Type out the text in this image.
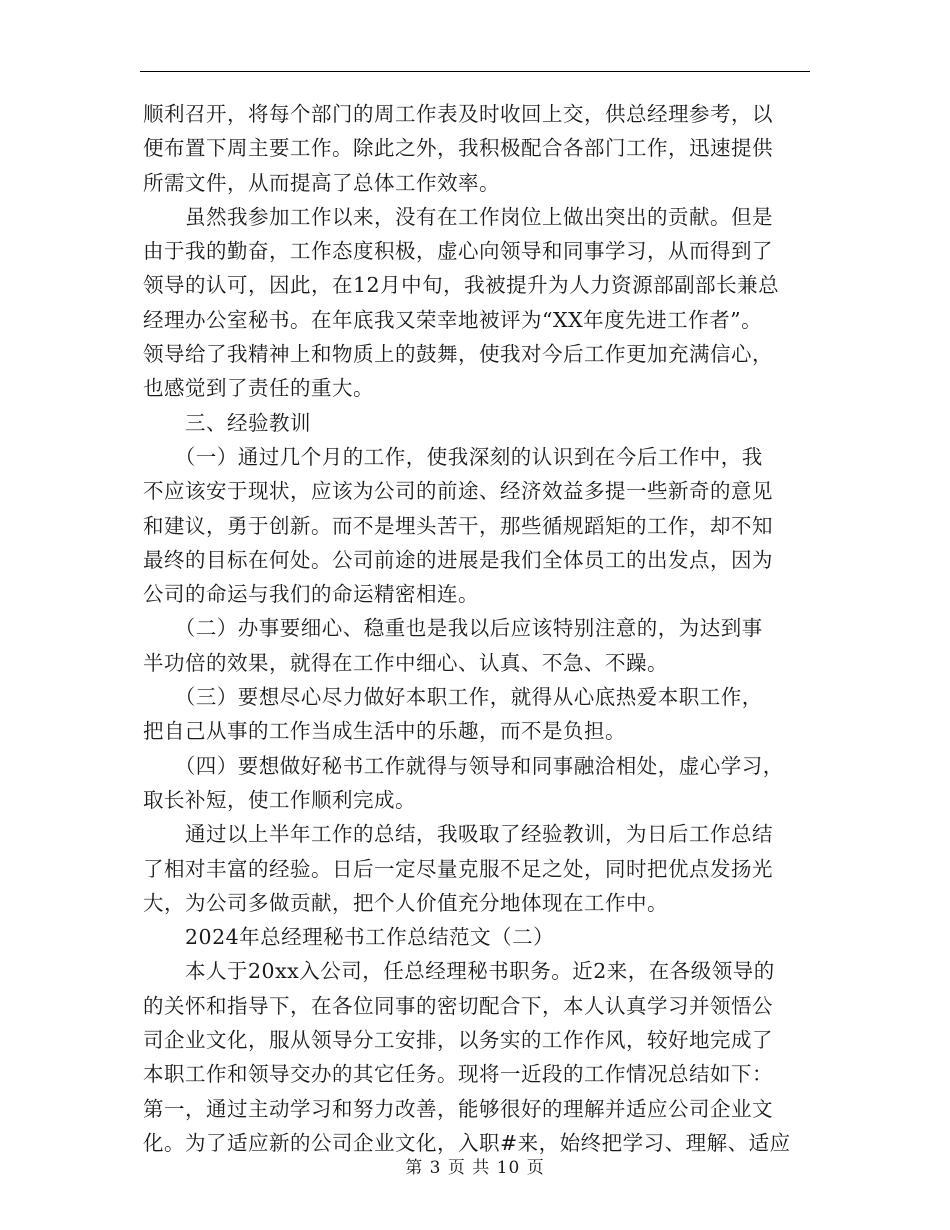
顺利召开，将每个部门的周工作表及时收回上交，供总经理参考，以
便布置下周主要工作。除此之外，我积极配合各部门工作，迅速提供
所需文件，从而提高了总体工作效率。
　　虽然我参加工作以来，没有在工作岗位上做出突出的贡献。但是
由于我的勤奋，工作态度积极，虚心向领导和同事学习，从而得到了
领导的认可，因此，在12月中旬，我被提升为人力资源部副部长兼总
经理办公室秘书。在年底我又荣幸地被评为“XX年度先进工作者”。
领导给了我精神上和物质上的鼓舞，使我对今后工作更加充满信心，
也感觉到了责任的重大。
　　三、经验教训
　　（一）通过几个月的工作，使我深刻的认识到在今后工作中，我
不应该安于现状，应该为公司的前途、经济效益多提一些新奇的意见
和建议，勇于创新。而不是埋头苦干，那些循规蹈矩的工作，却不知
最终的目标在何处。公司前途的进展是我们全体员工的出发点，因为
公司的命运与我们的命运精密相连。
　　（二）办事要细心、稳重也是我以后应该特别注意的，为达到事
半功倍的效果，就得在工作中细心、认真、不急、不躁。
　　（三）要想尽心尽力做好本职工作，就得从心底热爱本职工作，
把自己从事的工作当成生活中的乐趣，而不是负担。
　　（四）要想做好秘书工作就得与领导和同事融洽相处，虚心学习，
取长补短，使工作顺利完成。
　　通过以上半年工作的总结，我吸取了经验教训，为日后工作总结
了相对丰富的经验。日后一定尽量克服不足之处，同时把优点发扬光
大，为公司多做贡献，把个人价值充分地体现在工作中。
　　2024年总经理秘书工作总结范文（二）
　　本人于20xx入公司，任总经理秘书职务。近2来，在各级领导的
的关怀和指导下，在各位同事的密切配合下，本人认真学习并领悟公
司企业文化，服从领导分工安排，以务实的工作作风，较好地完成了
本职工作和领导交办的其它任务。现将一近段的工作情况总结如下：
第一，通过主动学习和努力改善，能够很好的理解并适应公司企业文
化。为了适应新的公司企业文化，入职#来，始终把学习、理解、适应
第 3 页 共 10 页
